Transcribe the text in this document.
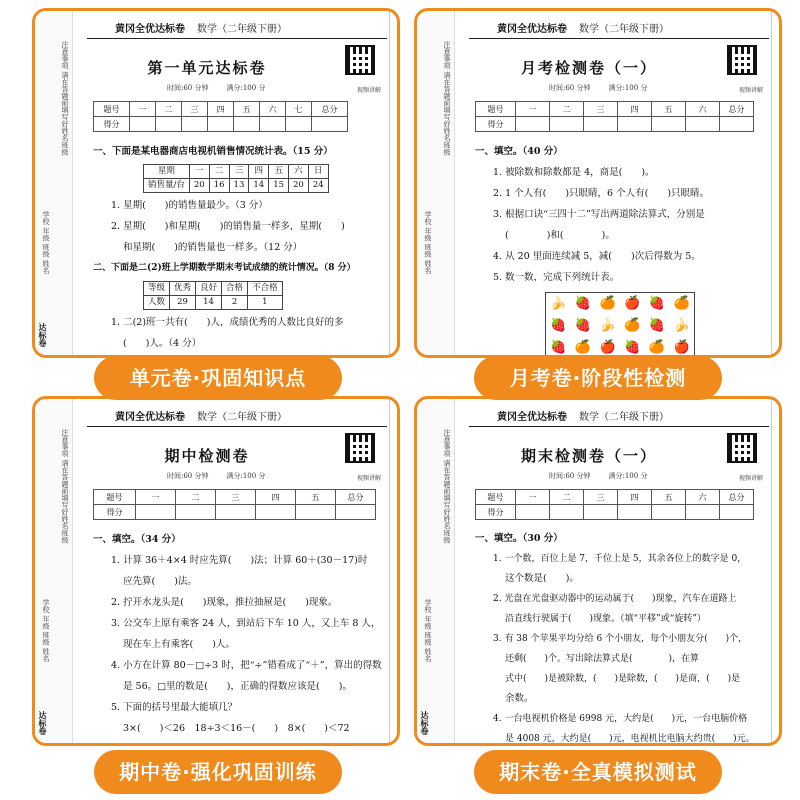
注意事项 请在答题前填写好姓名班级
学校 年级 班级 姓名
达标卷
黄冈全优达标卷 数学（二年级下册）
第一单元达标卷
时间:60 分钟	满分:100 分	视频讲解
题号	一	二	三	四	五	六	七	总分
得分								
一、下面是某电器商店电视机销售情况统计表。（15 分）
星期	一	二	三	四	五	六	日
销售量/台	20	16	13	14	15	20	24
1. 星期(　　)的销售量最少。（3 分）
2. 星期(　　)和星期(　　)的销售量一样多，星期(　　)
和星期(　　)的销售量也一样多。（12 分）
二、下面是二(2)班上学期数学期末考试成绩的统计情况。（8 分）
等级	优秀	良好	合格	不合格
人数	29	14	2	1
1. 二(2)班一共有(　　)人，成绩优秀的人数比良好的多
(　　)人。（4 分）
注意事项 请在答题前填写好姓名班级
学校 年级 班级 姓名
黄冈全优达标卷 数学（二年级下册）
月考检测卷（一）
时间:60 分钟	满分:100 分	视频讲解
题号	一	二	三	四	五	六	总分
得分							
一、填空。（40 分）
1. 被除数和除数都是 4，商是(　　)。
2. 1 个人有(　　)只眼睛，6 个人有(　　)只眼睛。
3. 根据口诀“三四十二”写出两道除法算式，分别是
(　　　　)和(　　　　)。
4. 从 20 里面连续减 5，减(　　)次后得数为 5。
5. 数一数，完成下列统计表。
🍌 🍓 🍊 🍎 🍓 🍊
🍓 🍓 🍌 🍊 🍓 🍌
🍓 🍊 🍎 🍓 🍊 🍎
注意事项 请在答题前填写好姓名班级
学校 年级 班级 姓名
达标卷
黄冈全优达标卷 数学（二年级下册）
期中检测卷
时间:60 分钟	满分:100 分	视频讲解
题号	一	二	三	四	五	总分
得分						
一、填空。（34 分）
1. 计算 36＋4×4 时应先算(　　)法；计算 60＋(30－17)时
应先算(　　)法。
2. 拧开水龙头是(　　)现象，推拉抽屉是(　　)现象。
3. 公交车上原有乘客 24 人，到站后下车 10 人，又上车 8 人，
现在车上有乘客(　　)人。
4. 小方在计算 80－□÷3 时，把“÷”错看成了“＋”，算出的得数
是 56。□里的数是(　　)，正确的得数应该是(　　)。
5. 下面的括号里最大能填几？
3×(　　)＜26　18÷3＜16－(　　)　8×(　　)＜72
注意事项 请在答题前填写好姓名班级
学校 年级 班级 姓名
达标卷
黄冈全优达标卷 数学（二年级下册）
期末检测卷（一）
时间:60 分钟	满分:100 分	视频讲解
题号	一	二	三	四	五	六	总分
得分							
一、填空。（30 分）
1. 一个数，百位上是 7，千位上是 5，其余各位上的数字是 0，
这个数是(　　)。
2. 光盘在光盘驱动器中的运动属于(　　)现象，汽车在道路上
沿直线行驶属于(　　)现象。（填“平移”或“旋转”）
3. 有 38 个苹果平均分给 6 个小朋友，每个小朋友分(　　)个，
还剩(　　)个。写出除法算式是(　　　　)，在算
式中(　　)是被除数，(　　)是除数，(　　)是商，(　　)是
余数。
4. 一台电视机价格是 6998 元，大约是(　　)元，一台电脑价格
是 4008 元，大约是(　　)元，电视机比电脑大约贵(　　)元。
单元卷·巩固知识点	月考卷·阶段性检测
期中卷·强化巩固训练	期末卷·全真模拟测试
